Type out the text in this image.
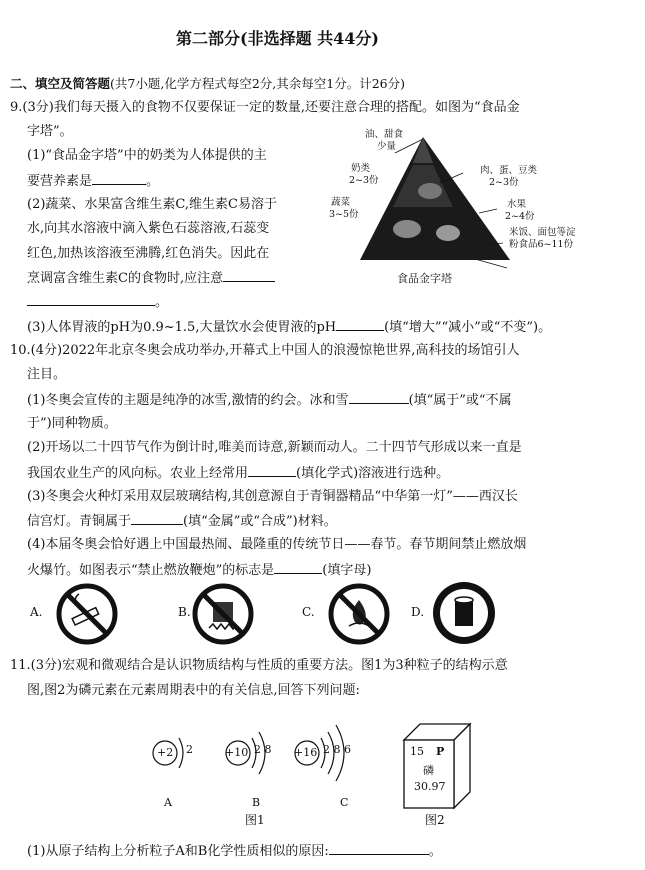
第二部分(非选择题 共44分)
二、填空及简答题(共7小题,化学方程式每空2分,其余每空1分。计26分)
9.(3分)我们每天摄入的食物不仅要保证一定的数量,还要注意合理的搭配。如图为“食品金
字塔”。
(1)“食品金字塔”中的奶类为人体提供的主
要营养素是	。
(2)蔬菜、水果富含维生素C,维生素C易溶于
水,向其水溶液中滴入紫色石蕊溶液,石蕊变
红色,加热该溶液至沸腾,红色消失。因此在
烹调富含维生素C的食物时,应注意
。
油、甜食
少量
奶类
2~3份
肉、蛋、豆类
2~3份
蔬菜
3~5份
水果
2~4份
米饭、面包等淀
粉食品6~11份
食品金字塔
(3)人体胃液的pH为0.9~1.5,大量饮水会使胃液的pH	(填“增大”“减小”或“不变”)。
10.(4分)2022年北京冬奥会成功举办,开幕式上中国人的浪漫惊艳世界,高科技的场馆引人
注目。
(1)冬奥会宣传的主题是纯净的冰雪,激情的约会。冰和雪	(填“属于”或“不属
于”)同种物质。
(2)开场以二十四节气作为倒计时,唯美而诗意,新颖而动人。二十四节气形成以来一直是
我国农业生产的风向标。农业上经常用	(填化学式)溶液进行选种。
(3)冬奥会火种灯采用双层玻璃结构,其创意源自于青铜器精品“中华第一灯”——西汉长
信宫灯。青铜属于	(填“金属”或“合成”)材料。
(4)本届冬奥会恰好遇上中国最热闹、最隆重的传统节日——春节。春节期间禁止燃放烟
火爆竹。如图表示“禁止燃放鞭炮”的标志是	(填字母)
A.	B.	C.	D.
11.(3分)宏观和微观结合是认识物质结构与性质的重要方法。图1为3种粒子的结构示意
图,图2为磷元素在元素周期表中的有关信息,回答下列问题:
+2 2	+10 2 8 +16 2 8 6
A	B	C
图1
15 P
磷
30.97
图2
(1)从原子结构上分析粒子A和B化学性质相似的原因:	。
